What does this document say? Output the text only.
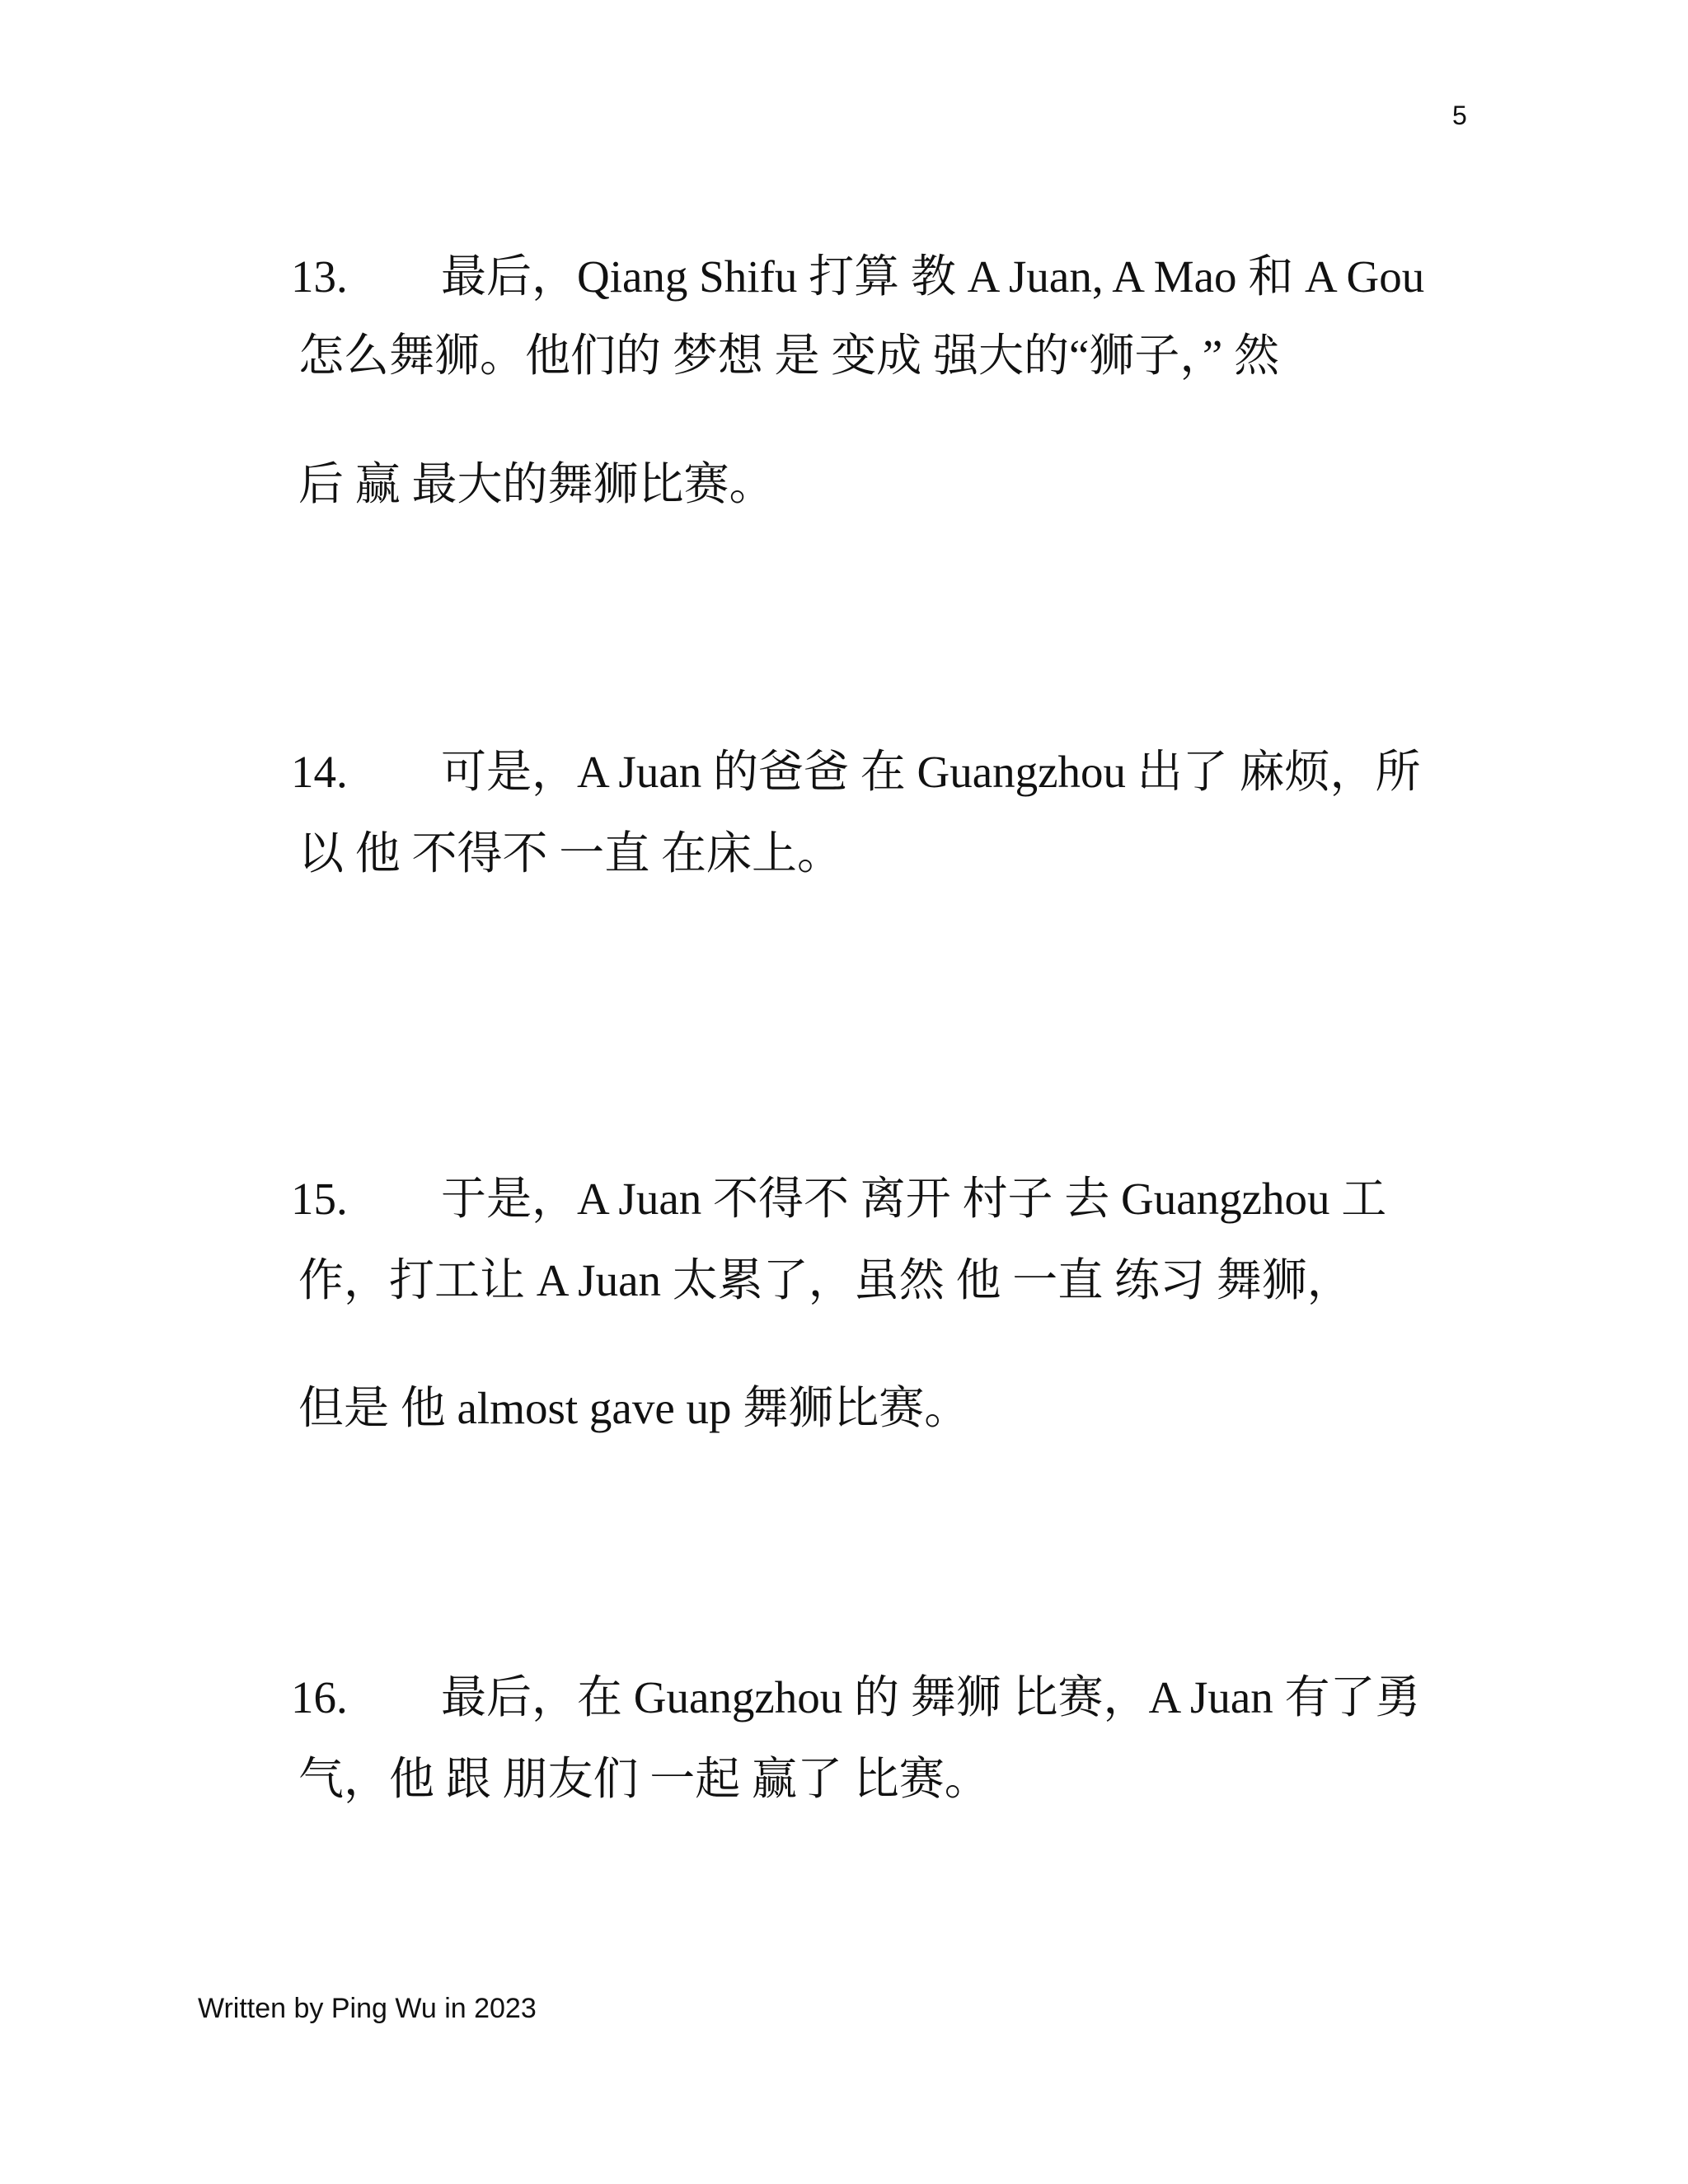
5

13. 最后，Qiang Shifu 打算 教 A Juan, A Mao 和 A Gou

怎么舞狮。他们的 梦想 是 变成 强大的“狮子，” 然
后 赢 最大的舞狮比赛。

14. 可是，A Juan 的爸爸 在 Guangzhou 出了 麻烦，所

以 他 不得不 一直 在床上。

15. 于是，A Juan 不得不 离开 村子 去 Guangzhou 工

作，打工让 A Juan 太累了，虽然 他 一直 练习 舞狮，
但是 他 almost gave up 舞狮比赛。

16. 最后，在 Guangzhou 的 舞狮 比赛，A Juan 有了勇

气，他 跟 朋友们 一起 赢了 比赛。
Written by Ping Wu in 2023
